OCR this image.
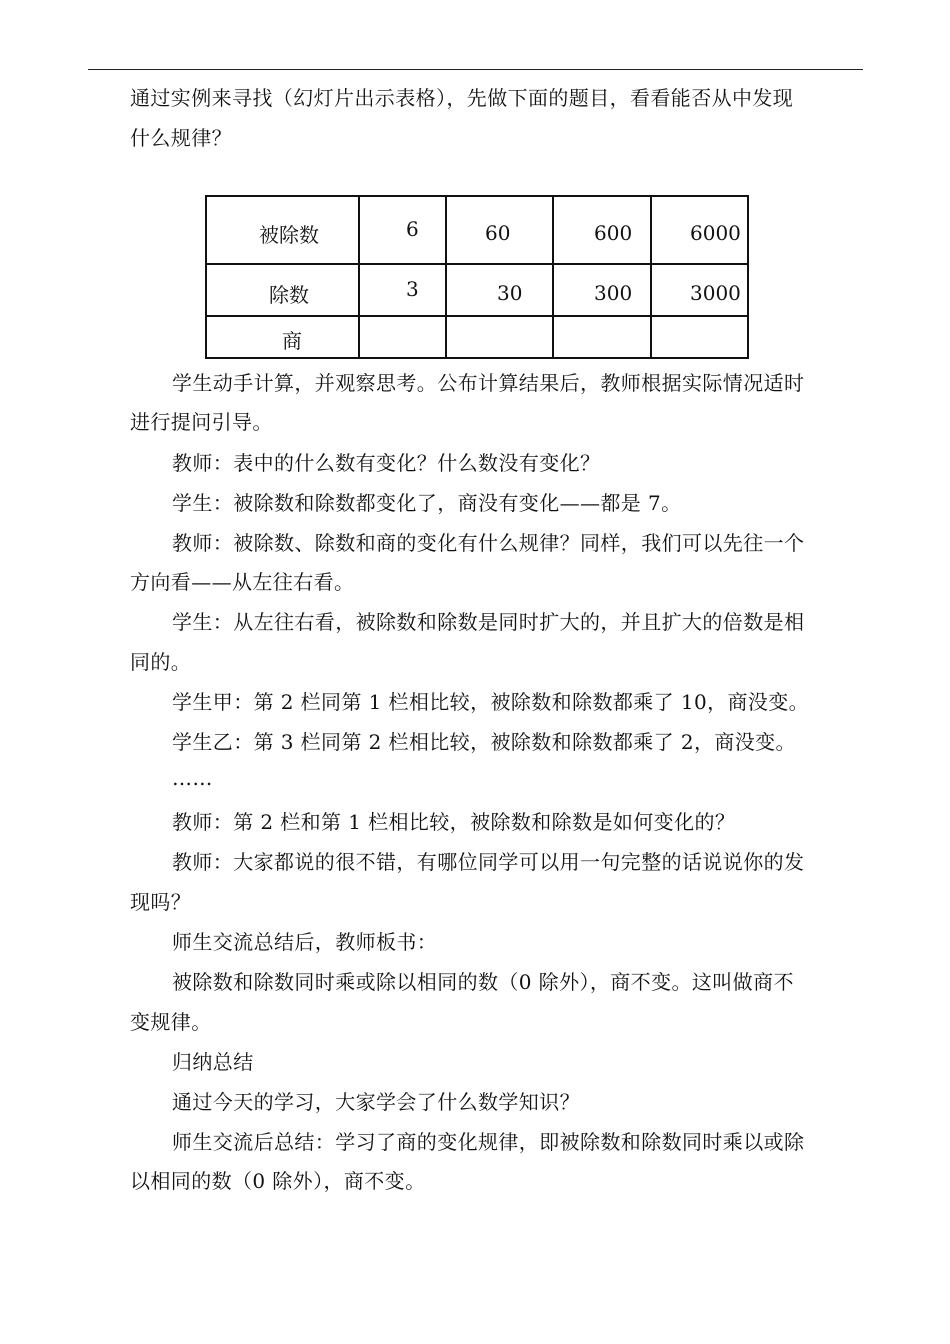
通过实例来寻找（幻灯片出示表格），先做下面的题目，看看能否从中发现
什么规律？
被除数	6	60	600	6000

除数	3	30	300	3000

商				

学生动手计算，并观察思考。公布计算结果后，教师根据实际情况适时
进行提问引导。
教师：表中的什么数有变化？什么数没有变化？
学生：被除数和除数都变化了，商没有变化——都是 7。
教师：被除数、除数和商的变化有什么规律？同样，我们可以先往一个
方向看——从左往右看。
学生：从左往右看，被除数和除数是同时扩大的，并且扩大的倍数是相
同的。
学生甲：第 2 栏同第 1 栏相比较，被除数和除数都乘了 10，商没变。
学生乙：第 3 栏同第 2 栏相比较，被除数和除数都乘了 2，商没变。
……
教师：第 2 栏和第 1 栏相比较，被除数和除数是如何变化的？
教师：大家都说的很不错，有哪位同学可以用一句完整的话说说你的发
现吗？
师生交流总结后，教师板书：
被除数和除数同时乘或除以相同的数（0 除外），商不变。这叫做商不
变规律。
归纳总结
通过今天的学习，大家学会了什么数学知识？
师生交流后总结：学习了商的变化规律，即被除数和除数同时乘以或除
以相同的数（0 除外），商不变。
